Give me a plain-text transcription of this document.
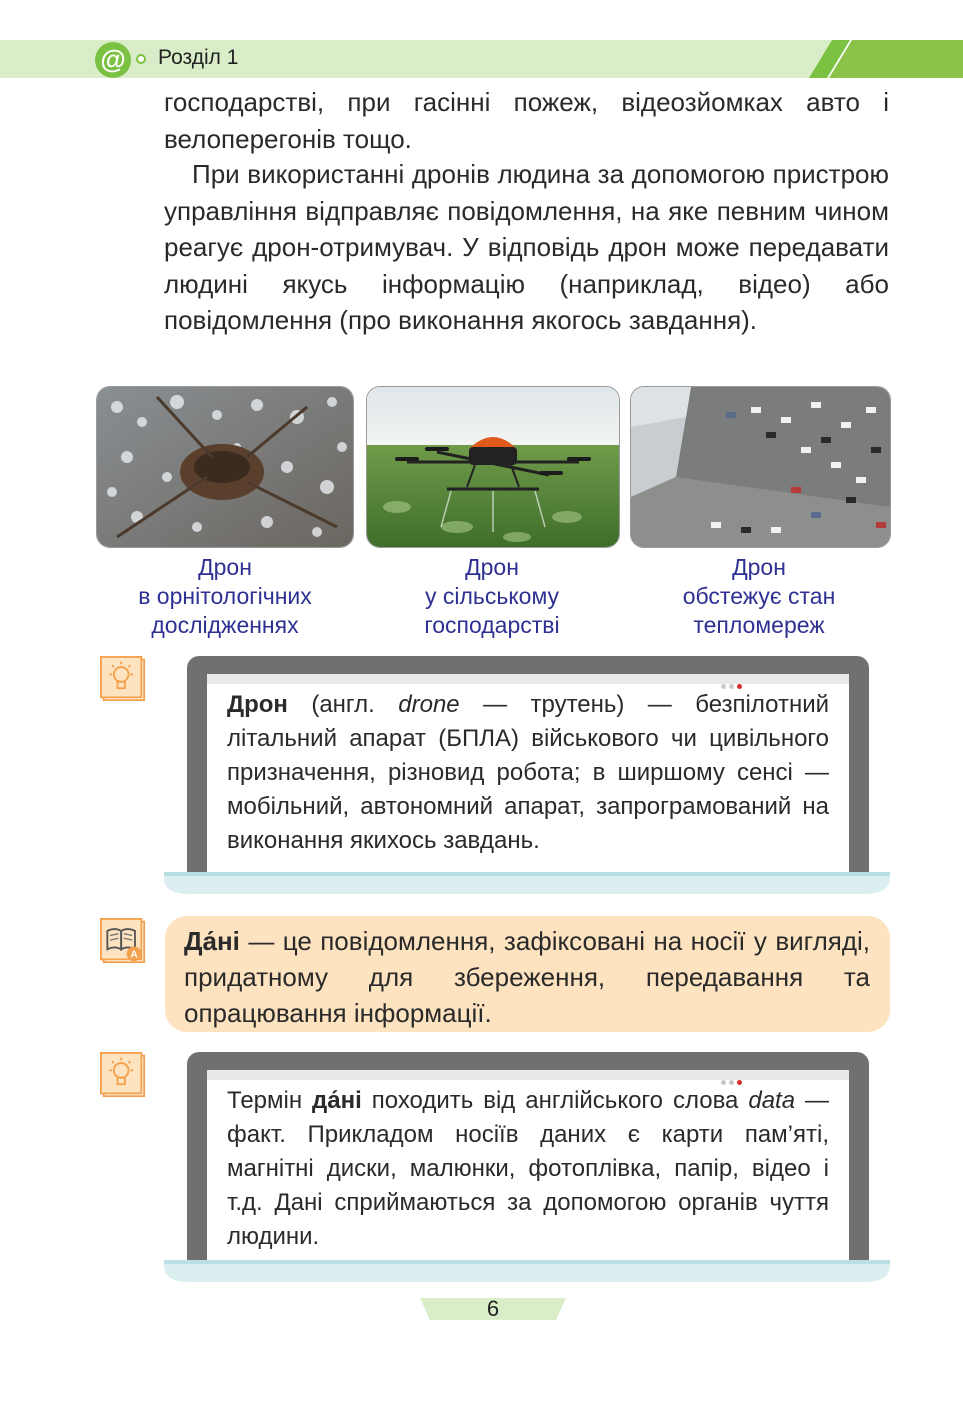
@ Розділ 1
господарстві, при гасінні пожеж, відеозйомках авто і велоперегонів тощо.
При використанні дронів людина за допомогою пристрою управління відправляє повідомлення, на яке певним чином реагує дрон-отримувач. У відповідь дрон може передавати людині якусь інформацію (наприклад, відео) або повідомлення (про виконання якогось завдання).
Дрон
в орнітологічних
дослідженнях
Дрон
у сільському
господарстві
Дрон
обстежує стан
тепломереж
Дрон (англ. drone — трутень) — безпілотний літальний апарат (БПЛА) військового чи цивільного призначення, різновид робота; в ширшому сенсі — мобільний, автономний апарат, запрограмований на виконання якихось завдань.
A Да́ні — це повідомлення, зафіксовані на носії у вигляді, придатному для збереження, передавання та опрацювання інформації.
Термін да́ні походить від англійського слова data — факт. Прикладом носіїв даних є карти пам’яті, магнітні диски, малюнки, фотоплівка, папір, відео і т.д. Дані сприймаються за допомогою органів чуття людини.
6
